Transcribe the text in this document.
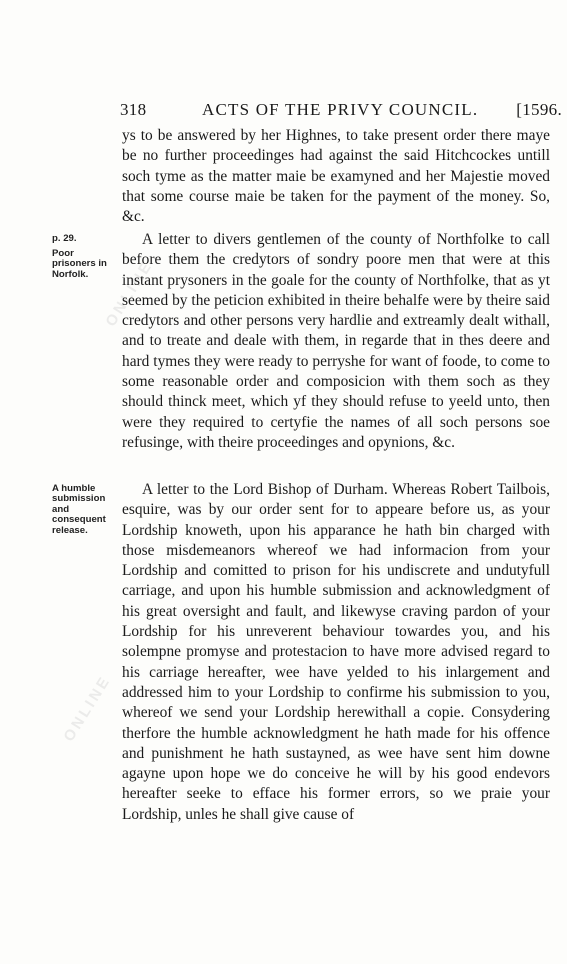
ONLINE
ONLINE
318	ACTS OF THE PRIVY COUNCIL. [1596.

ys to be answered by her Highnes, to take present order there maye be no further proceedinges had against the said Hitchcockes untill soch tyme as the matter maie be examyned and her Majestie moved that some course maie be taken for the payment of the money. So, &c.

p. 29.
Poor prisoners in Norfolk.

A letter to divers gentlemen of the county of Northfolke to call before them the credytors of sondry poore men that were at this instant prysoners in the goale for the county of Northfolke, that as yt seemed by the peticion exhibited in theire behalfe were by theire said credytors and other persons very hardlie and extreamly dealt withall, and to treate and deale with them, in regarde that in thes deere and hard tymes they were ready to perryshe for want of foode, to come to some reasonable order and composicion with them soch as they should thinck meet, which yf they should refuse to yeeld unto, then were they required to certyfie the names of all soch persons soe refusinge, with theire proceedinges and opynions, &c.

A humble submission and consequent release.

A letter to the Lord Bishop of Durham. Whereas Robert Tailbois, esquire, was by our order sent for to appeare before us, as your Lordship knoweth, upon his apparance he hath bin charged with those misdemeanors whereof we had informacion from your Lordship and comitted to prison for his undiscrete and undutyfull carriage, and upon his humble submission and acknowledgment of his great oversight and fault, and likewyse craving pardon of your Lordship for his unreverent behaviour towardes you, and his solempne promyse and protestacion to have more advised regard to his carriage hereafter, wee have yelded to his inlargement and addressed him to your Lordship to confirme his submission to you, whereof we send your Lordship herewithall a copie. Consydering therfore the humble acknowledgment he hath made for his offence and punishment he hath sustayned, as wee have sent him downe agayne upon hope we do conceive he will by his good endevors hereafter seeke to efface his former errors, so we praie your Lordship, unles he shall give cause of
